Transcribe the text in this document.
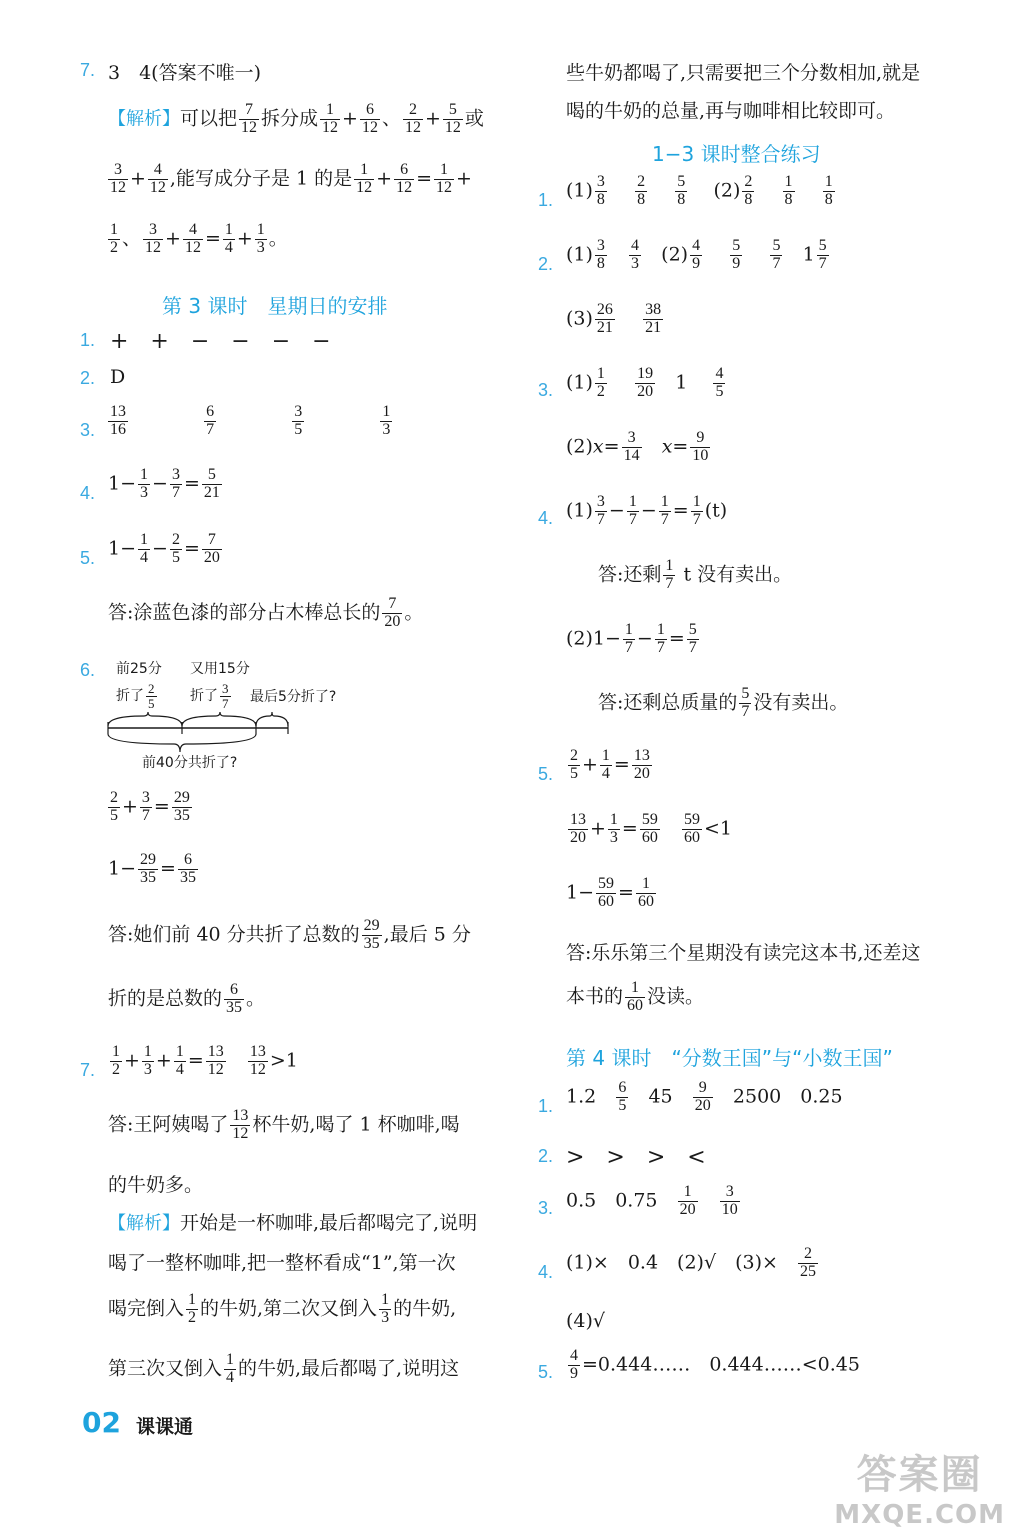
7. 3　4(答案不唯一)
【解析】可以把 $\frac{7}{12}$ 拆分成 $\frac{1}{12} + \frac{6}{12}$ 、 $\frac{2}{12} + \frac{5}{12}$ 或
$\frac{3}{12} + \frac{4}{12}$ ,能写成分子是 1 的是 $\frac{1}{12} + \frac{6}{12} = \frac{1}{12}$ +
$\frac{1}{2}$ 、 $\frac{3}{12} + \frac{4}{12} = \frac{1}{4} + \frac{1}{3}$ 。
第 3 课时　星期日的安排
1. +　+　−　−　−　−
2. D
3. $\frac{13}{16}$
	$\frac{6}{7}$
	$\frac{3}{5}$
	$\frac{1}{3}$
4. $1- \frac{1}{3} - \frac{3}{7} = \frac{5}{21}$
5. $1- \frac{1}{4} - \frac{2}{5} = \frac{7}{20}$
答:涂蓝色漆的部分占木棒总长的 $\frac{7}{20}$ 。
6. 前25分 又用15分
折了 $\frac{2}{5}$ 折了 $\frac{3}{7}$ 最后5分折了?
前40分共折了?
$\frac{2}{5} + \frac{3}{7} = \frac{29}{35}$
$1- \frac{29}{35} = \frac{6}{35}$
答:她们前 40 分共折了总数的 $\frac{29}{35}$ ,最后 5 分
折的是总数的 $\frac{6}{35}$ 。
7. $\frac{1}{2} + \frac{1}{3} + \frac{1}{4} = \frac{13}{12}$
$\frac{13}{12} >1$
答:王阿姨喝了 $\frac{13}{12}$ 杯牛奶,喝了 1 杯咖啡,喝
的牛奶多。
【解析】开始是一杯咖啡,最后都喝完了,说明
喝了一整杯咖啡,把一整杯看成“1”,第一次
喝完倒入 $\frac{1}{2}$ 的牛奶,第二次又倒入 $\frac{1}{3}$ 的牛奶,
第三次又倒入 $\frac{1}{4}$ 的牛奶,最后都喝了,说明这
些牛奶都喝了,只需要把三个分数相加,就是
喝的牛奶的总量,再与咖啡相比较即可。
1−3 课时整合练习
1. $(1) \frac{3}{8}$
$\frac{2}{8}$
$\frac{5}{8} (2) \frac{2}{8}$
$\frac{1}{8}$
$\frac{1}{8}$
2. $(1) \frac{3}{8}$
$\frac{4}{3} (2) \frac{4}{9}$
$\frac{5}{9}$
$\frac{5}{7} 1 \frac{5}{7}$
$(3) \frac{26}{21}$
$\frac{38}{21}$
3. $(1) \frac{1}{2}$
$\frac{19}{20} 1 \frac{4}{5}$
$(2)x= \frac{3}{14} x= \frac{9}{10}$
4. $(1) \frac{3}{7} - \frac{1}{7} - \frac{1}{7} = \frac{1}{7} (t)$
答:还剩 $\frac{1}{7}$ t 没有卖出。
$(2)1- \frac{1}{7} - \frac{1}{7} = \frac{5}{7}$
答:还剩总质量的 $\frac{5}{7}$ 没有卖出。
5. $\frac{2}{5} + \frac{1}{4} = \frac{13}{20}$
$\frac{13}{20} + \frac{1}{3} = \frac{59}{60}$
$\frac{59}{60} <1$
$1- \frac{59}{60} = \frac{1}{60}$
答:乐乐第三个星期没有读完这本书,还差这
本书的 $\frac{1}{60}$ 没读。
第 4 课时　“分数王国”与“小数王国”
1. $1.2 \frac{6}{5} 45 \frac{9}{20} 2500$　0.25
2. >　>　>　<
3. 0.5　$0.75 \frac{1}{20}$
$\frac{3}{10}$
4. (1)×　0.4　(2)√　$(3)\times \frac{2}{25}$
(4)√
5. $\frac{4}{9}$ =0.444……　0.444……<0.45
02 课课通
答案圈
MXQE.COM
